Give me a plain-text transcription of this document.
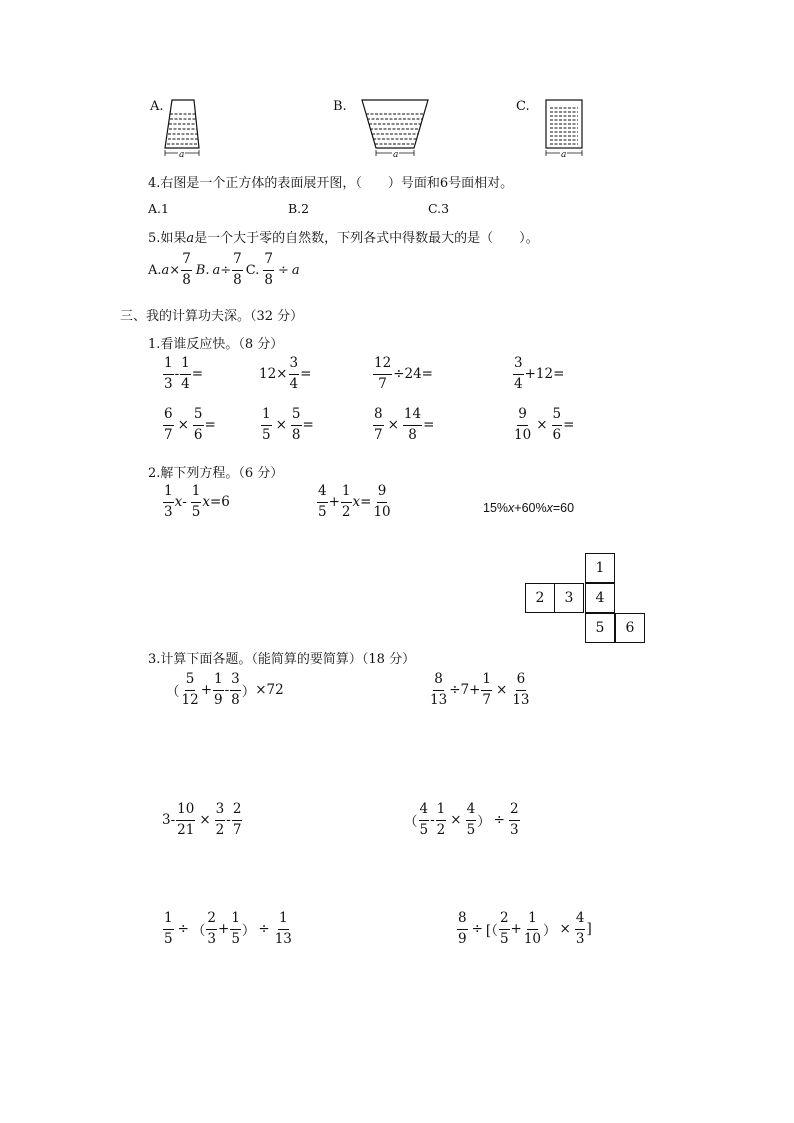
A.
a
B.
a
C.
a
4.右图是一个正方体的表面展开图，（　　）号面和6号面相对。
A.1	B.2	C.3
5.如果a是一个大于零的自然数，下列各式中得数最大的是（　　）。
A. $a \times \frac{7}{8} B$. $a \div \frac{7}{8} C$. $\frac{7}{8} \div a$
三、我的计算功夫深。（32 分）
1.看谁反应快。（8 分）
$\frac{1}{3} - \frac{1}{4}$ =	$12\times \frac{3}{4}$ =	$\frac{12}{7} \div 24=$	$\frac{3}{4} +12=$
$\frac{6}{7} \times \frac{5}{6}$ =	$\frac{1}{5} \times \frac{5}{8}$ =	$\frac{8}{7} \times \frac{14}{8}$ =	$\frac{9}{10} \times \frac{5}{6}$ =
2.解下列方程。（6 分）
$\frac{1}{3}$ x - $\frac{1}{5}$ x =6	$\frac{4}{5} + \frac{1}{2}$ $x = \frac{9}{10}$	15%x+60%x=60
1
2	3	4
5	6
3.计算下面各题。（能简算的要简算）（18 分）
（ $\frac{5}{12} + \frac{1}{9} - \frac{3}{8}$ ） ×72	$\frac{8}{13} \div 7+ \frac{1}{7} \times \frac{6}{13}$
$3- \frac{10}{21} \times \frac{3}{2} - \frac{2}{7}$	（ $\frac{4}{5} - \frac{1}{2} \times \frac{4}{5}$ ） ÷ $\frac{2}{3}$
$\frac{1}{5}$ ÷ （ $\frac{2}{3} + \frac{1}{5}$ ） ÷ $\frac{1}{13}$	$\frac{8}{9}$ ÷ [（ $\frac{2}{5} + \frac{1}{10}$ ） × $\frac{4}{3}$ ]
